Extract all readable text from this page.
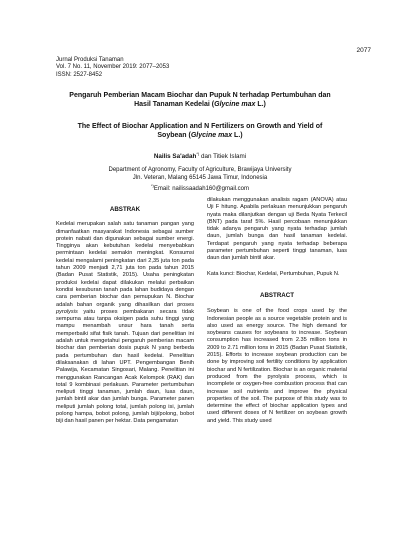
2077
Jurnal Produksi Tanaman
Vol. 7 No. 11, November 2019: 2077–2053
ISSN: 2527-8452
Pengaruh Pemberian Macam Biochar dan Pupuk N terhadap Pertumbuhan dan
Hasil Tanaman Kedelai (Glycine max L.)
The Effect of Biochar Application and N Fertilizers on Growth and Yield of
Soybean (Glycine max L.)
Nailis Sa'adah*) dan Titiek Islami
Department of Agronomy, Faculty of Agriculture, Brawijaya University
Jln. Veteran, Malang 65145 Jawa Timur, Indonesia
*)Email: nailissaadah160@gmail.com
ABSTRAK

Kedelai merupakan salah satu tanaman pangan yang dimanfaatkan masyarakat Indonesia sebagai sumber protein nabati dan digunakan sebagai sumber energi. Tingginya akan kebutuhan kedelai menyebabkan permintaan kedelai semakin meningkat. Konsumsi kedelai mengalami peningkatan dari 2,35 juta ton pada tahun 2009 menjadi 2,71 juta ton pada tahun 2015 (Badan Pusat Statistik, 2015). Usaha peningkatan produksi kedelai dapat dilakukan melalui perbaikan kondisi kesuburan tanah pada lahan budidaya dengan cara pemberian biochar dan pemupukan N. Biochar adalah bahan organik yang dihasilkan dari proses pyrolysis yaitu proses pembakaran secara tidak sempurna atau tanpa oksigen pada suhu tinggi yang mampu menambah unsur hara tanah serta memperbaiki sifat fisik tanah. Tujuan dari penelitian ini adalah untuk mengetahui pengaruh pemberian macam biochar dan pemberian dosis pupuk N yang berbeda pada pertumbuhan dan hasil kedelai. Penelitian dilaksanakan di lahan UPT. Pengembangan Benih Palawija, Kecamatan Singosari, Malang. Penelitian ini menggunakan Rancangan Acak Kelompok (RAK) dan total 9 kombinasi perlakuan. Parameter pertumbuhan meliputi tinggi tanaman, jumlah daun, luas daun, jumlah bintil akar dan jumlah bunga. Parameter panen meliputi jumlah polong total, jumlah polong isi, jumlah polong hampa, bobot polong, jumlah biji/polong, bobot biji dan hasil panen per hektar. Data pengamatan

dilakukan menggunakan analisis ragam (ANOVA) atau Uji F hitung. Apabila perlakuan menunjukkan pengaruh nyata maka dilanjutkan dengan uji Beda Nyata Terkecil (BNT) pada taraf 5%. Hasil percobaan menunjukkan tidak adanya pengaruh yang nyata terhadap jumlah daun, jumlah bunga dan hasil tanaman kedelai. Terdapat pengaruh yang nyata terhadap beberapa parameter pertumbuhan seperti tinggi tanaman, luas daun dan jumlah bintil akar.

Kata kunci: Biochar, Kedelai, Pertumbuhan, Pupuk N.

ABSTRACT

Soybean is one of the food crops used by the Indonesian people as a source vegetable protein and is also used as energy source. The high demand for soybeans causes for soybeans to increase. Soybean consumption has increased from 2.35 million tons in 2009 to 2.71 million tons in 2015 (Badan Pusat Statistik, 2015). Efforts to increase soybean production can be done by improving soil fertility conditions by application biochar and N fertilization. Biochar is an organic material produced from the pyrolysis process, which is incomplete or oxygen-free combustion process that can increase soil nutrients and improve the physical properties of the soil. The purpose of this study was to determine the effect of biochar application types and used different doses of N fertilizer on soybean growth and yield. This study used
